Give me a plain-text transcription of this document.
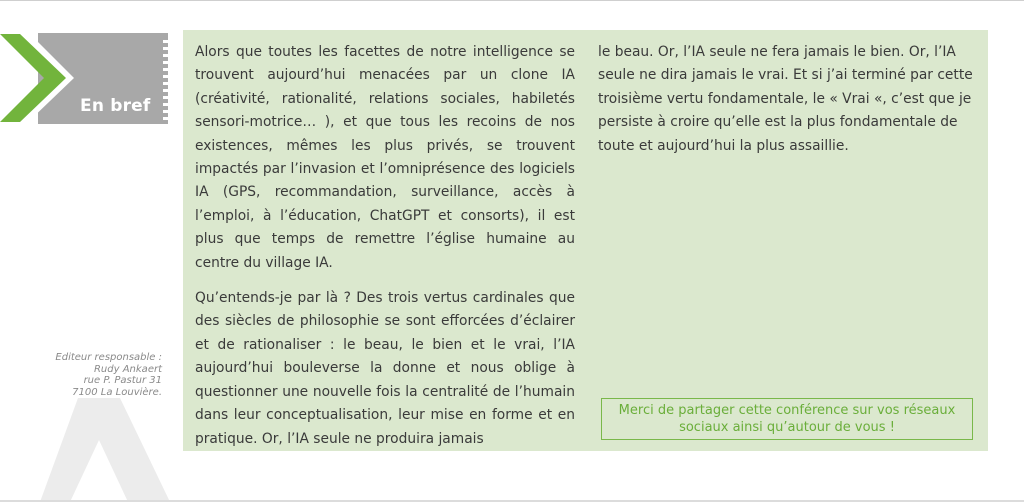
En bref
Editeur responsable :
Rudy Ankaert
rue P. Pastur 31
7100 La Louvière.

Alors que toutes les facettes de notre intelligence se trouvent aujourd’hui menacées par un clone IA (créativité, rationalité, relations sociales, habiletés sensori-motrice… ), et que tous les recoins de nos existences, mêmes les plus privés, se trouvent impactés par l’invasion et l’omniprésence des logiciels IA (GPS, recommandation, surveillance, accès à l’emploi, à l’éducation, ChatGPT et consorts), il est plus que temps de remettre l’église humaine au centre du village IA.

Qu’entends-je par là ? Des trois vertus cardinales que des siècles de philosophie se sont efforcées d’éclairer et de rationaliser : le beau, le bien et le vrai, l’IA aujourd’hui bouleverse la donne et nous oblige à questionner une nouvelle fois la centralité de l’humain dans leur conceptualisation, leur mise en forme et en pratique. Or, l’IA seule ne produira jamais

le beau. Or, l’IA seule ne fera jamais le bien. Or, l’IA seule ne dira jamais le vrai. Et si j’ai terminé par cette troisième vertu fondamentale, le « Vrai «, c’est que je persiste à croire qu’elle est la plus fondamentale de toute et aujourd’hui la plus assaillie.

Merci de partager cette conférence sur vos réseaux sociaux ainsi qu’autour de vous !
